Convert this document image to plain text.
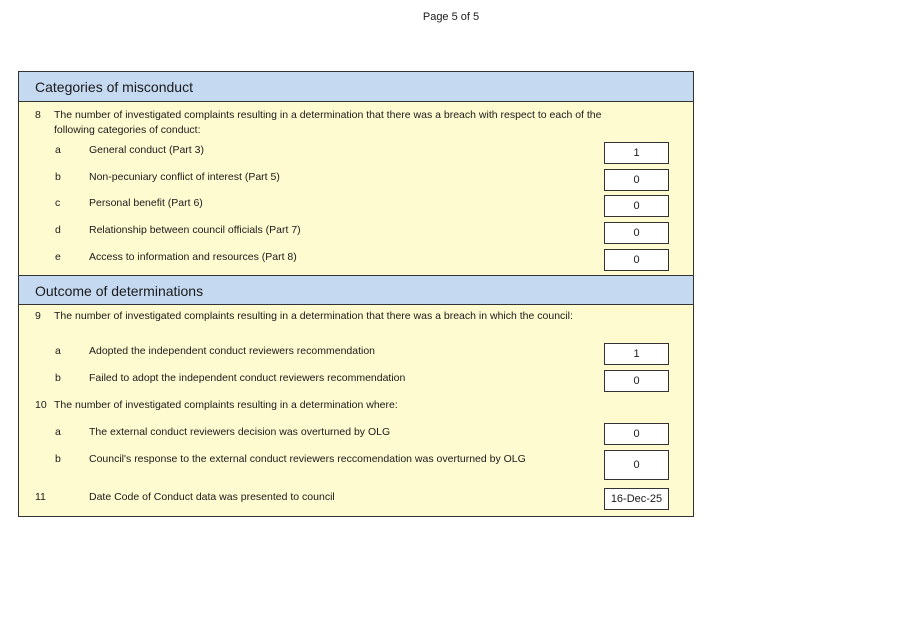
Page 5 of 5
Categories of misconduct
8 The number of investigated complaints resulting in a determination that there was a breach with respect to each of the following categories of conduct:
a	General conduct (Part 3)	1
b	Non-pecuniary conflict of interest (Part 5)	0
c	Personal benefit (Part 6)	0
d	Relationship between council officials (Part 7)	0
e	Access to information and resources (Part 8)	0
Outcome of determinations
9 The number of investigated complaints resulting in a determination that there was a breach in which the council:
a	Adopted the independent conduct reviewers recommendation	1
b	Failed to adopt the independent conduct reviewers recommendation	0
10 The number of investigated complaints resulting in a determination where:
a	The external conduct reviewers decision was overturned by OLG	0
b	Council's response to the external conduct reviewers reccomendation was overturned by OLG	0
11	Date Code of Conduct data was presented to council	16-Dec-25
